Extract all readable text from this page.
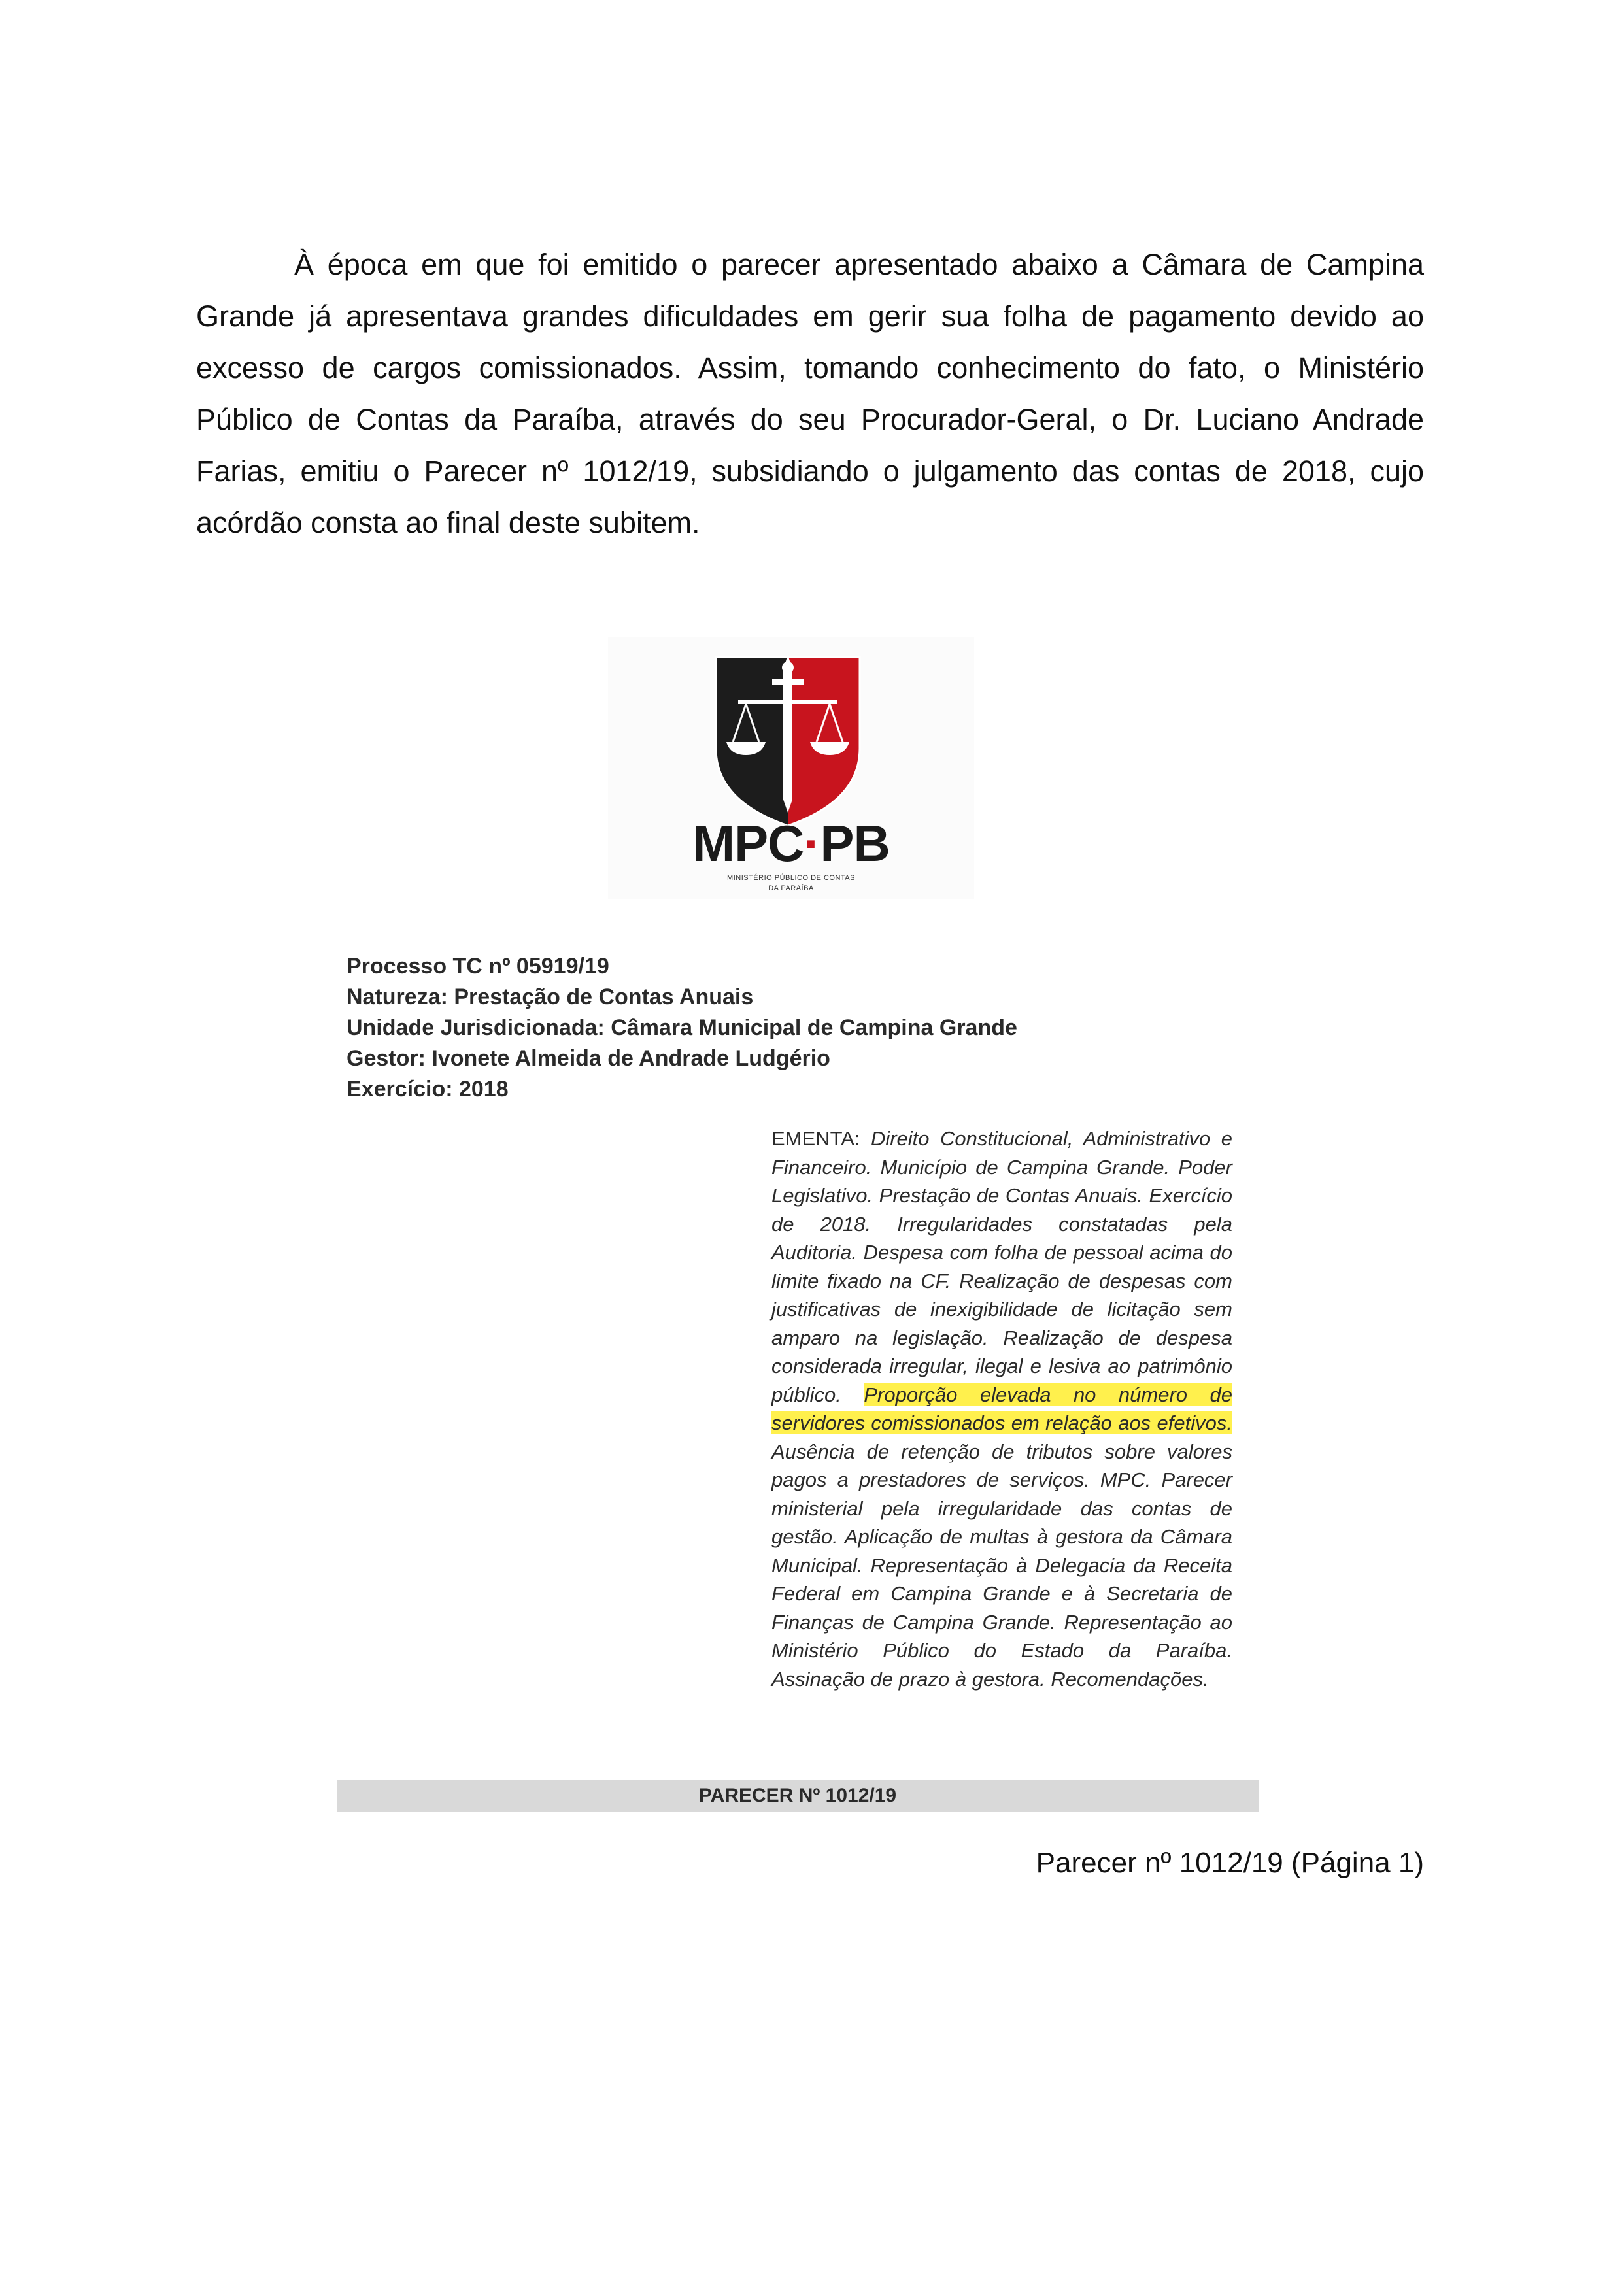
À época em que foi emitido o parecer apresentado abaixo a Câmara de Campina Grande já apresentava grandes dificuldades em gerir sua folha de pagamento devido ao excesso de cargos comissionados. Assim, tomando conhecimento do fato, o Ministério Público de Contas da Paraíba, através do seu Procurador-Geral, o Dr. Luciano Andrade Farias, emitiu o Parecer nº 1012/19, subsidiando o julgamento das contas de 2018, cujo acórdão consta ao final deste subitem.

MPC·PB
MINISTÉRIO PÚBLICO DE CONTAS
DA PARAÍBA
Processo TC nº 05919/19
Natureza: Prestação de Contas Anuais
Unidade Jurisdicionada: Câmara Municipal de Campina Grande
Gestor: Ivonete Almeida de Andrade Ludgério
Exercício: 2018

EMENTA: Direito Constitucional, Administrativo e Financeiro. Município de Campina Grande. Poder Legislativo. Prestação de Contas Anuais. Exercício de 2018. Irregularidades constatadas pela Auditoria. Despesa com folha de pessoal acima do limite fixado na CF. Realização de despesas com justificativas de inexigibilidade de licitação sem amparo na legislação. Realização de despesa considerada irregular, ilegal e lesiva ao patrimônio público. Proporção elevada no número de servidores comissionados em relação aos efetivos. Ausência de retenção de tributos sobre valores pagos a prestadores de serviços. MPC. Parecer ministerial pela irregularidade das contas de gestão. Aplicação de multas à gestora da Câmara Municipal. Representação à Delegacia da Receita Federal em Campina Grande e à Secretaria de Finanças de Campina Grande. Representação ao Ministério Público do Estado da Paraíba. Assinação de prazo à gestora. Recomendações.

PARECER Nº 1012/19
Parecer nº 1012/19 (Página 1)
